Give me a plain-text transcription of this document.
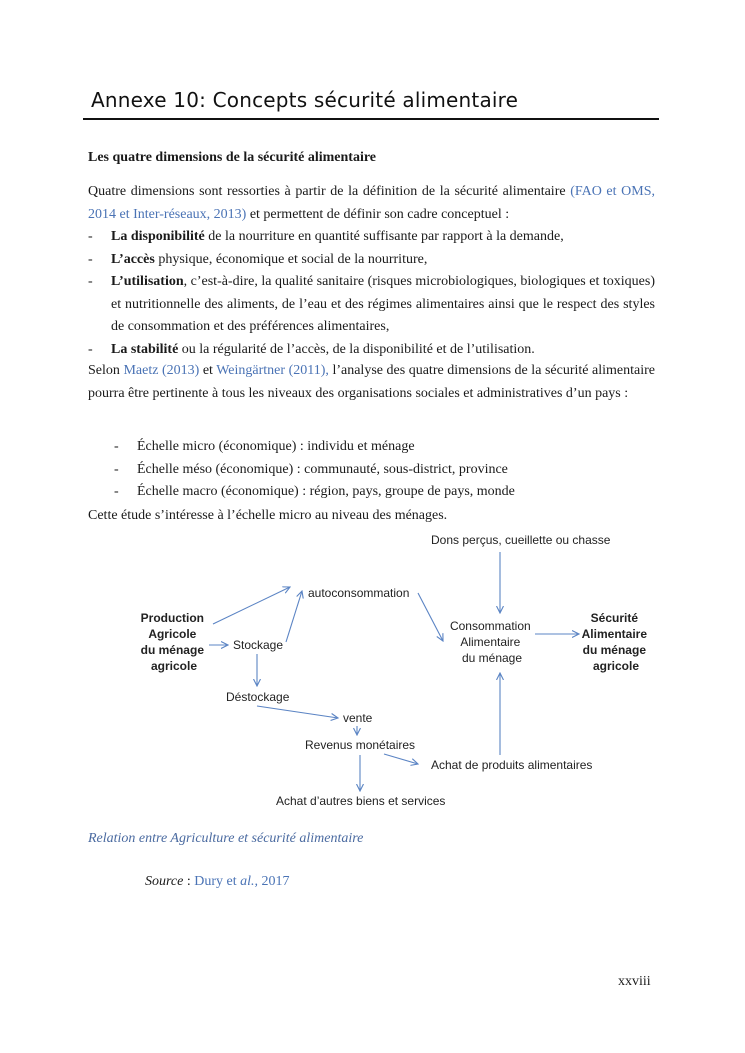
Annexe 10: Concepts sécurité alimentaire
Les quatre dimensions de la sécurité alimentaire
Quatre dimensions sont ressorties à partir de la définition de la sécurité alimentaire (FAO et OMS, 2014 et Inter-réseaux, 2013) et permettent de définir son cadre conceptuel :
- La disponibilité de la nourriture en quantité suffisante par rapport à la demande,
- L’accès physique, économique et social de la nourriture,
- L’utilisation, c’est-à-dire, la qualité sanitaire (risques microbiologiques, biologiques et toxiques) et nutritionnelle des aliments, de l’eau et des régimes alimentaires ainsi que le respect des styles de consommation et des préférences alimentaires,
- La stabilité ou la régularité de l’accès, de la disponibilité et de l’utilisation.
Selon Maetz (2013) et Weingärtner (2011), l’analyse des quatre dimensions de la sécurité alimentaire pourra être pertinente à tous les niveaux des organisations sociales et administratives d’un pays :
- Échelle micro (économique) : individu et ménage
- Échelle méso (économique) : communauté, sous-district, province
- Échelle macro (économique) : région, pays, groupe de pays, monde
Cette étude s’intéresse à l’échelle micro au niveau des ménages.
Dons perçus, cueillette ou chasse
Production Agricole du ménage agricole
autoconsommation
Stockage
Consommation Alimentaire du ménage
Sécurité Alimentaire du ménage agricole
Déstockage
vente
Revenus monétaires
Achat de produits alimentaires
Achat d’autres biens et services
Relation entre Agriculture et sécurité alimentaire
Source : Dury et al., 2017
xxviii
